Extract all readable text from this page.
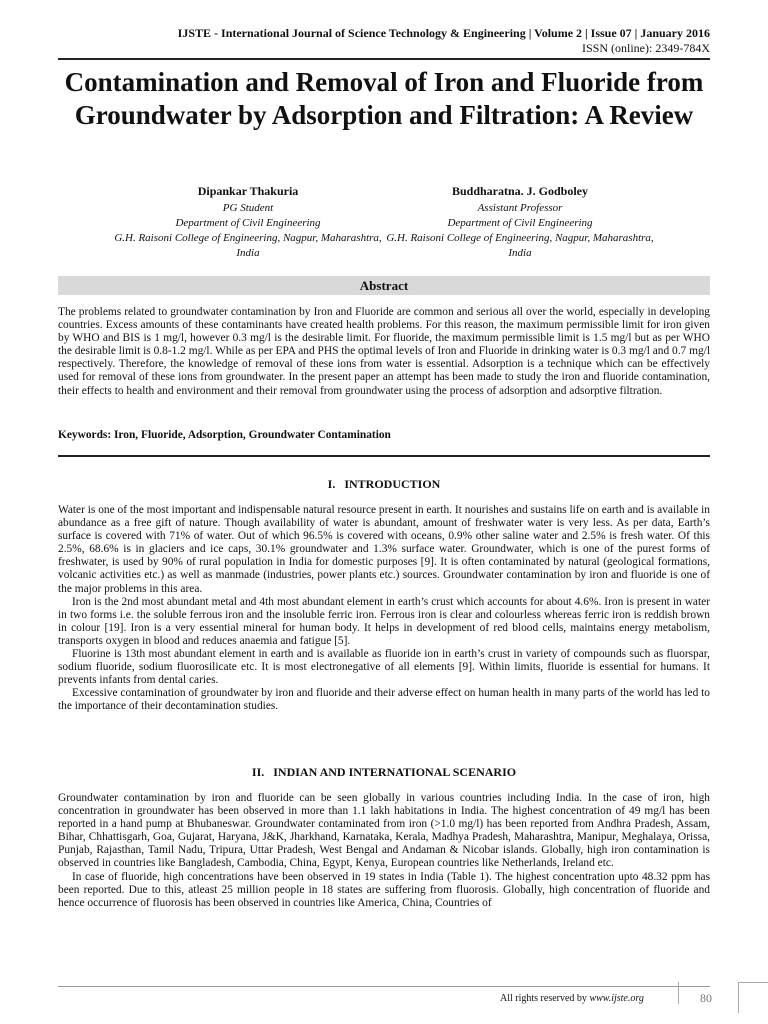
IJSTE - International Journal of Science Technology & Engineering | Volume 2 | Issue 07 | January 2016
ISSN (online): 2349-784X
Contamination and Removal of Iron and Fluoride from Groundwater by Adsorption and Filtration: A Review
Dipankar Thakuria
PG Student
Department of Civil Engineering
G.H. Raisoni College of Engineering, Nagpur, Maharashtra, India
Buddharatna. J. Godboley
Assistant Professor
Department of Civil Engineering
G.H. Raisoni College of Engineering, Nagpur, Maharashtra, India
Abstract
The problems related to groundwater contamination by Iron and Fluoride are common and serious all over the world, especially in developing countries. Excess amounts of these contaminants have created health problems. For this reason, the maximum permissible limit for iron given by WHO and BIS is 1 mg/l, however 0.3 mg/l is the desirable limit. For fluoride, the maximum permissible limit is 1.5 mg/l but as per WHO the desirable limit is 0.8-1.2 mg/l. While as per EPA and PHS the optimal levels of Iron and Fluoride in drinking water is 0.3 mg/l and 0.7 mg/l respectively. Therefore, the knowledge of removal of these ions from water is essential. Adsorption is a technique which can be effectively used for removal of these ions from groundwater. In the present paper an attempt has been made to study the iron and fluoride contamination, their effects to health and environment and their removal from groundwater using the process of adsorption and adsorptive filtration.
Keywords: Iron, Fluoride, Adsorption, Groundwater Contamination
I. INTRODUCTION
Water is one of the most important and indispensable natural resource present in earth. It nourishes and sustains life on earth and is available in abundance as a free gift of nature. Though availability of water is abundant, amount of freshwater water is very less. As per data, Earth’s surface is covered with 71% of water. Out of which 96.5% is covered with oceans, 0.9% other saline water and 2.5% is fresh water. Of this 2.5%, 68.6% is in glaciers and ice caps, 30.1% groundwater and 1.3% surface water. Groundwater, which is one of the purest forms of freshwater, is used by 90% of rural population in India for domestic purposes [9]. It is often contaminated by natural (geological formations, volcanic activities etc.) as well as manmade (industries, power plants etc.) sources. Groundwater contamination by iron and fluoride is one of the major problems in this area.
Iron is the 2nd most abundant metal and 4th most abundant element in earth’s crust which accounts for about 4.6%. Iron is present in water in two forms i.e. the soluble ferrous iron and the insoluble ferric iron. Ferrous iron is clear and colourless whereas ferric iron is reddish brown in colour [19]. Iron is a very essential mineral for human body. It helps in development of red blood cells, maintains energy metabolism, transports oxygen in blood and reduces anaemia and fatigue [5].
Fluorine is 13th most abundant element in earth and is available as fluoride ion in earth’s crust in variety of compounds such as fluorspar, sodium fluoride, sodium fluorosilicate etc. It is most electronegative of all elements [9]. Within limits, fluoride is essential for humans. It prevents infants from dental caries.
Excessive contamination of groundwater by iron and fluoride and their adverse effect on human health in many parts of the world has led to the importance of their decontamination studies.
II. INDIAN AND INTERNATIONAL SCENARIO
Groundwater contamination by iron and fluoride can be seen globally in various countries including India. In the case of iron, high concentration in groundwater has been observed in more than 1.1 lakh habitations in India. The highest concentration of 49 mg/l has been reported in a hand pump at Bhubaneswar. Groundwater contaminated from iron (>1.0 mg/l) has been reported from Andhra Pradesh, Assam, Bihar, Chhattisgarh, Goa, Gujarat, Haryana, J&K, Jharkhand, Karnataka, Kerala, Madhya Pradesh, Maharashtra, Manipur, Meghalaya, Orissa, Punjab, Rajasthan, Tamil Nadu, Tripura, Uttar Pradesh, West Bengal and Andaman & Nicobar islands. Globally, high iron contamination is observed in countries like Bangladesh, Cambodia, China, Egypt, Kenya, European countries like Netherlands, Ireland etc.
In case of fluoride, high concentrations have been observed in 19 states in India (Table 1). The highest concentration upto 48.32 ppm has been reported. Due to this, atleast 25 million people in 18 states are suffering from fluorosis. Globally, high concentration of fluoride and hence occurrence of fluorosis has been observed in countries like America, China, Countries of
All rights reserved by www.ijste.org	80
